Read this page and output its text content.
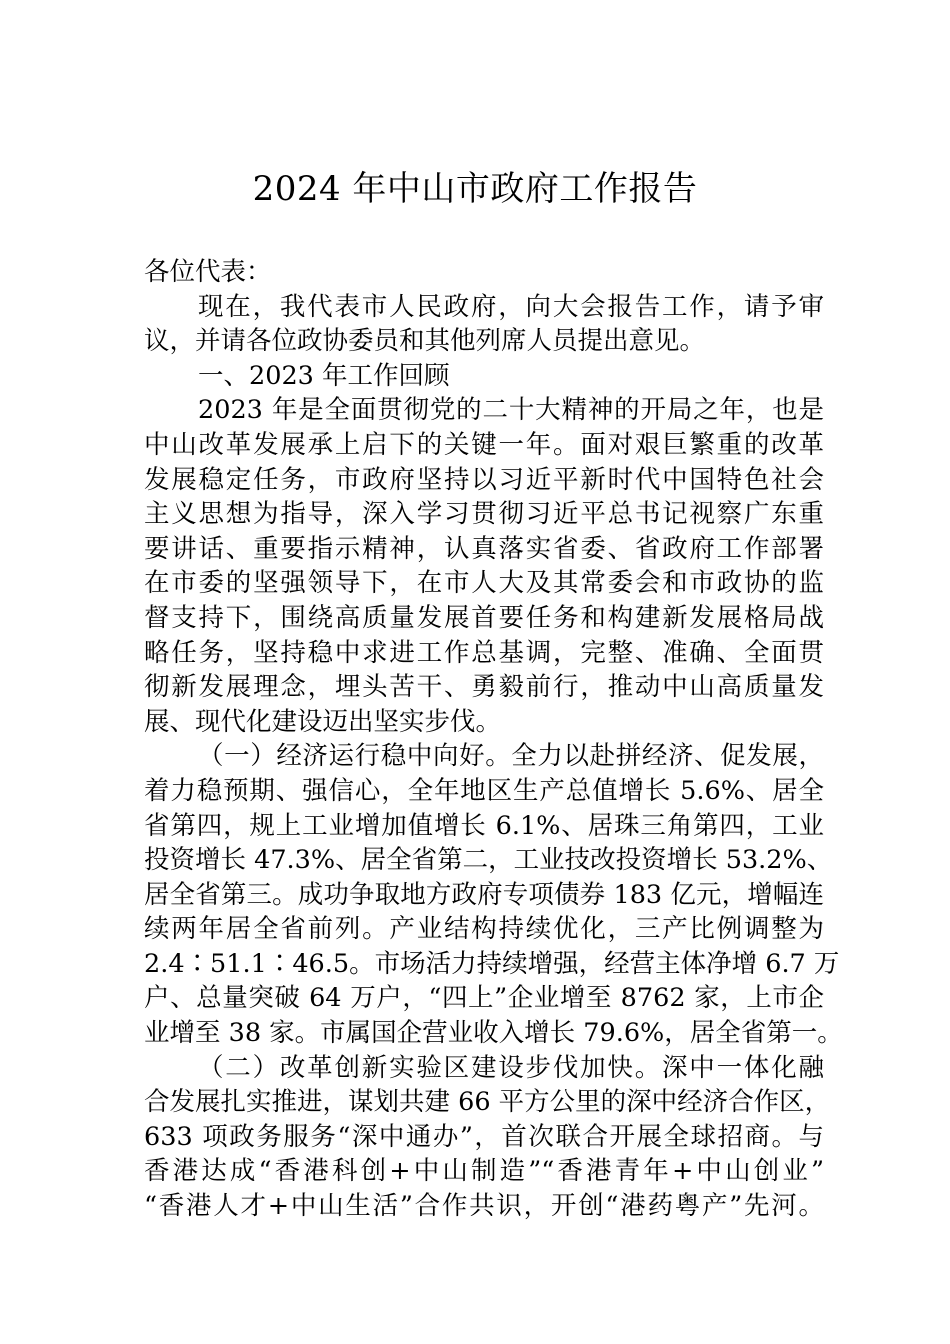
2024 年中山市政府工作报告
各位代表：
现在，我代表市人民政府，向大会报告工作，请予审
议，并请各位政协委员和其他列席人员提出意见。
一、2023 年工作回顾
2023 年是全面贯彻党的二十大精神的开局之年，也是
中山改革发展承上启下的关键一年。面对艰巨繁重的改革
发展稳定任务，市政府坚持以习近平新时代中国特色社会
主义思想为指导，深入学习贯彻习近平总书记视察广东重
要讲话、重要指示精神，认真落实省委、省政府工作部署
在市委的坚强领导下，在市人大及其常委会和市政协的监
督支持下，围绕高质量发展首要任务和构建新发展格局战
略任务，坚持稳中求进工作总基调，完整、准确、全面贯
彻新发展理念，埋头苦干、勇毅前行，推动中山高质量发
展、现代化建设迈出坚实步伐。
（一）经济运行稳中向好。全力以赴拼经济、促发展，
着力稳预期、强信心，全年地区生产总值增长 5.6%、居全
省第四，规上工业增加值增长 6.1%、居珠三角第四，工业
投资增长 47.3%、居全省第二，工业技改投资增长 53.2%、
居全省第三。成功争取地方政府专项债券 183 亿元，增幅连
续两年居全省前列。产业结构持续优化，三产比例调整为
2.4∶51.1∶46.5。市场活力持续增强，经营主体净增 6.7 万
户、总量突破 64 万户，“四上”企业增至 8762 家，上市企
业增至 38 家。市属国企营业收入增长 79.6%，居全省第一。
（二）改革创新实验区建设步伐加快。深中一体化融
合发展扎实推进，谋划共建 66 平方公里的深中经济合作区，
633 项政务服务“深中通办”，首次联合开展全球招商。与
香港达成“香港科创+中山制造”“香港青年+中山创业”
“香港人才+中山生活”合作共识，开创“港药粤产”先河。
